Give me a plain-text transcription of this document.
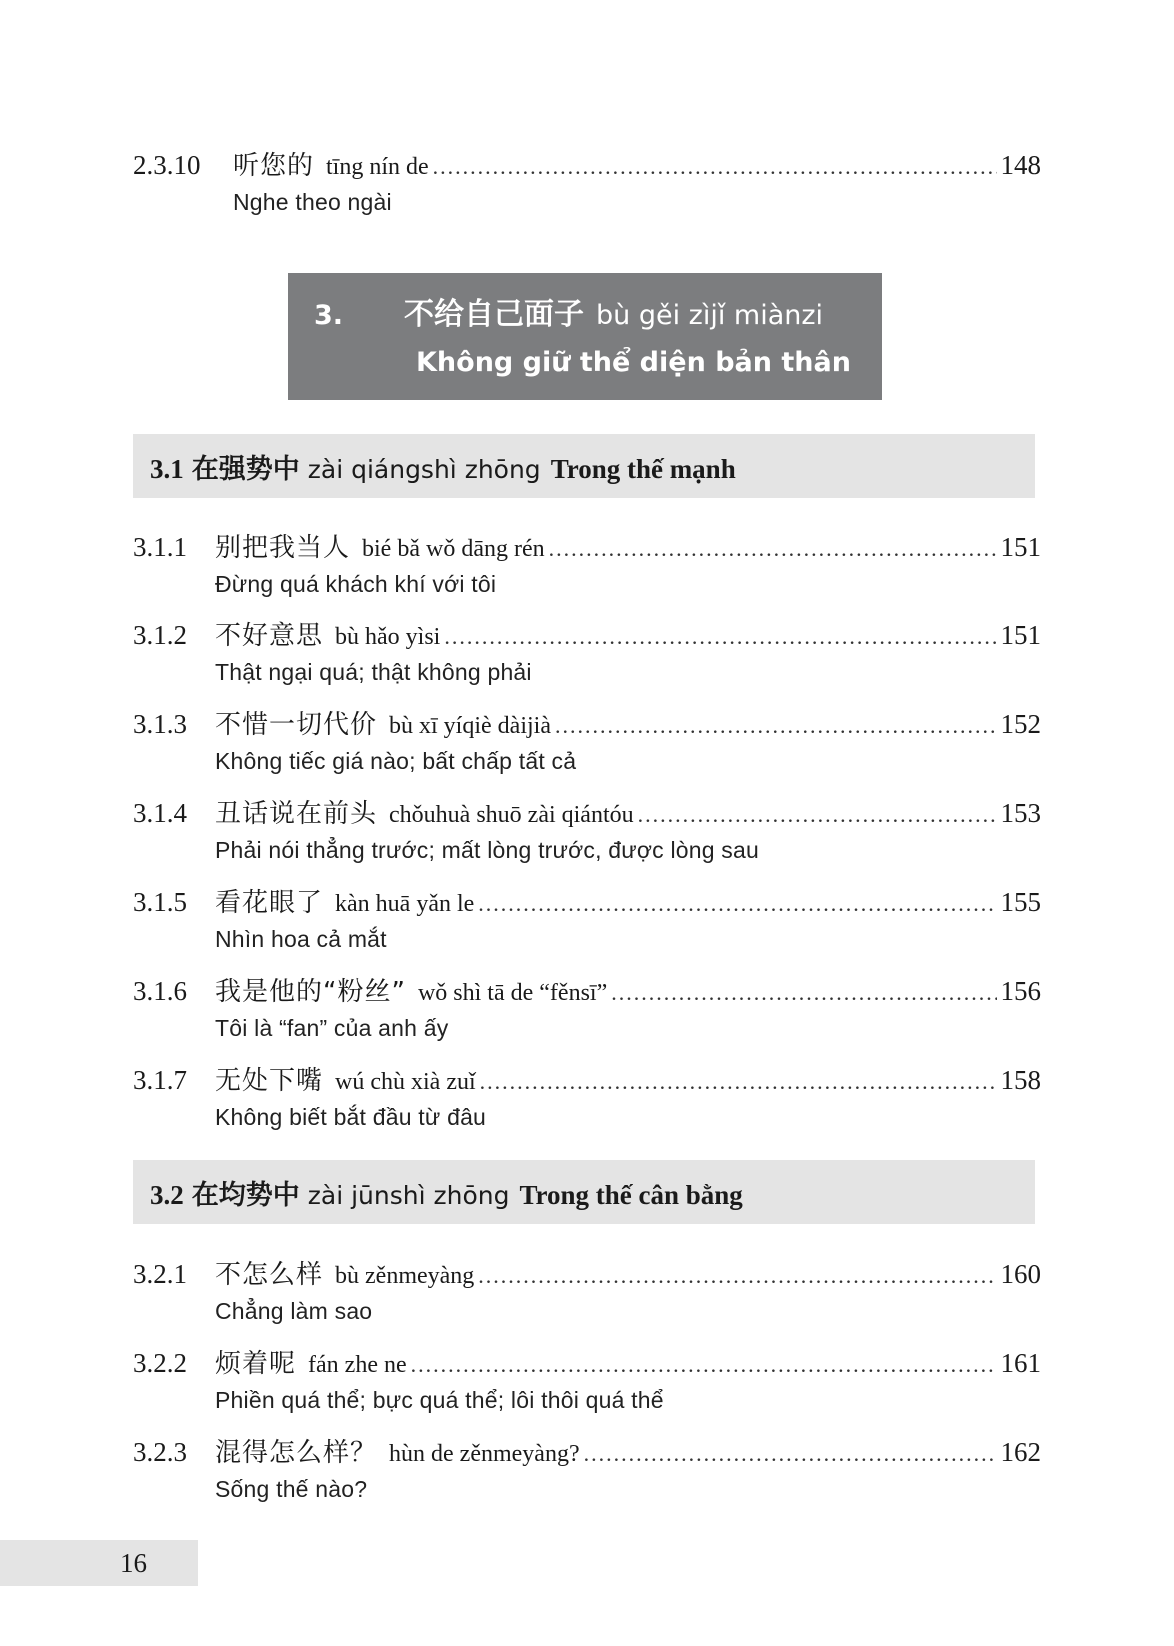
2.3.10	听您的 tīng nín de .....	148
Nghe theo ngài
3.	不给自己面子 bù gěi zìjǐ miànzi
Không giữ thể diện bản thân
3.1 在强势中 zài qiángshì zhōng Trong thế mạnh
3.1.1	别把我当人 bié bǎ wǒ dāng rén .....	151
Đừng quá khách khí với tôi
3.1.2	不好意思 bù hǎo yìsi .....	151
Thật ngại quá; thật không phải
3.1.3	不惜一切代价 bù xī yíqiè dàijià .....	152
Không tiếc giá nào; bất chấp tất cả
3.1.4	丑话说在前头 chǒuhuà shuō zài qiántóu .....	153
Phải nói thẳng trước; mất lòng trước, được lòng sau
3.1.5	看花眼了 kàn huā yǎn le .....	155
Nhìn hoa cả mắt
3.1.6	我是他的“粉丝” wǒ shì tā de “fěnsī” .....	156
Tôi là “fan” của anh ấy
3.1.7	无处下嘴 wú chù xià zuǐ .....	158
Không biết bắt đầu từ đâu
3.2 在均势中 zài jūnshì zhōng Trong thế cân bằng
3.2.1	不怎么样 bù zěnmeyàng .....	160
Chẳng làm sao
3.2.2	烦着呢 fán zhe ne .....	161
Phiền quá thể; bực quá thể; lôi thôi quá thể
3.2.3	混得怎么样？ hùn de zěnmeyàng? .....	162
Sống thế nào?
16
